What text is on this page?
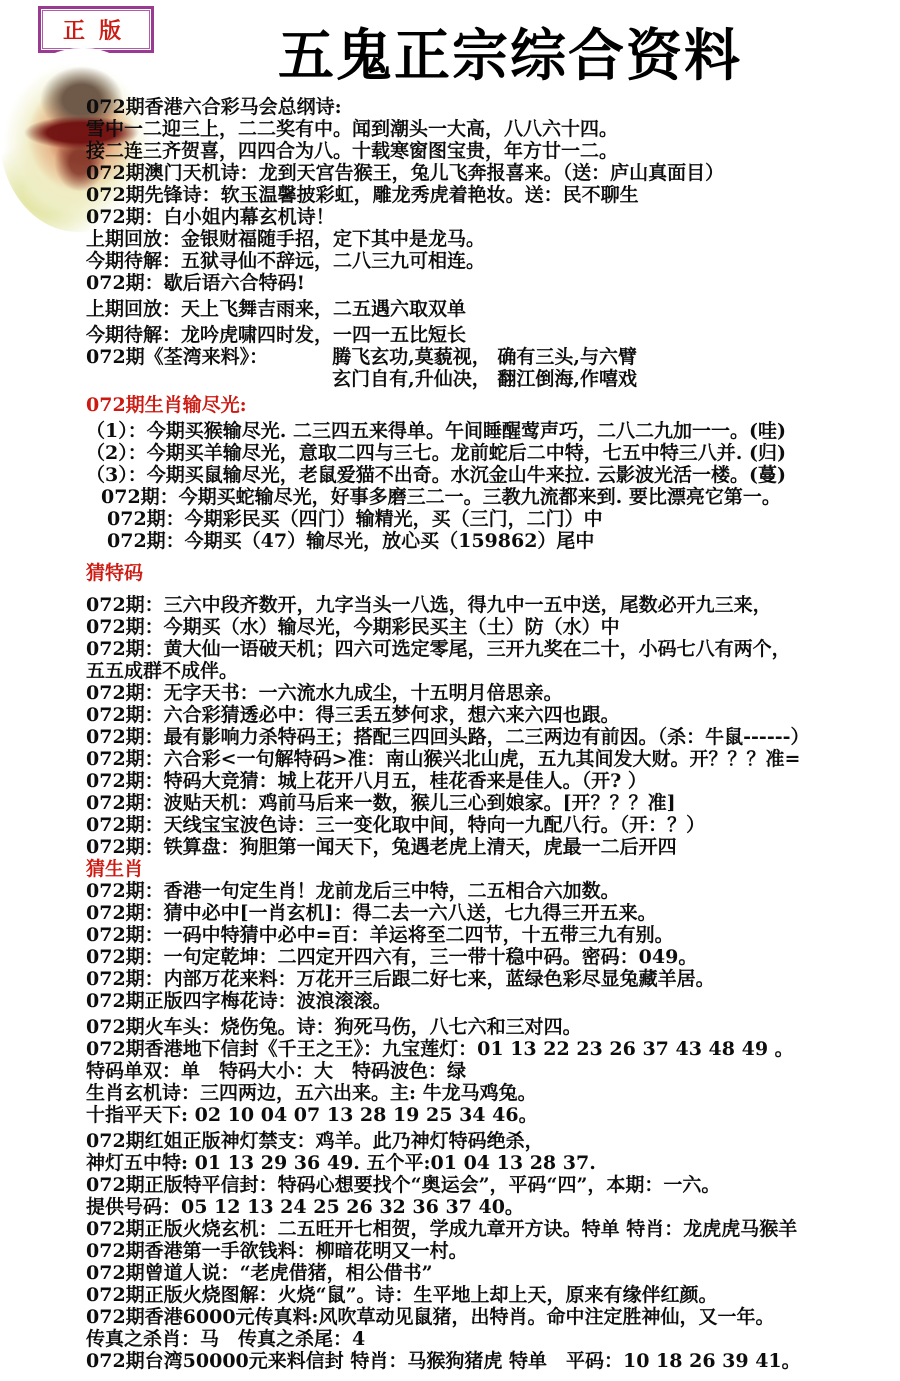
正版	五鬼正宗综合资料
072期香港六合彩马会总纲诗:
雪中一二迎三上，二二奖有中。闻到潮头一大高，八八六十四。
接二连三齐贺喜，四四合为八。十载寒窗图宝贵，年方廿一二。
072期澳门天机诗：龙到天宫告猴王，兔儿飞奔报喜来。（送：庐山真面目）
072期先锋诗：软玉温馨披彩虹，雕龙秀虎着艳妆。送：民不聊生
072期：白小姐内幕玄机诗！
上期回放：金银财福随手招，定下其中是龙马。
今期待解：五狱寻仙不辞远，二八三九可相连。
072期：歇后语六合特码!
上期回放：天上飞舞吉雨来，二五遇六取双单
今期待解：龙吟虎啸四时发，一四一五比短长
072期《荃湾来料》：	腾飞玄功,莫藐视， 确有三头,与六臂
玄门自有,升仙决， 翻江倒海,作嘻戏
072期生肖输尽光:
（1）：今期买猴输尽光. 二三四五来得单。午间睡醒莺声巧，二八二九加一一。(哇)
（2）：今期买羊输尽光，意取二四与三七。龙前蛇后二中特，七五中特三八并. (归)
（3）：今期买鼠输尽光，老鼠爱猫不出奇。水沉金山牛来拉. 云影波光活一楼。(蔓)
072期：今期买蛇输尽光，好事多磨三二一。三教九流都来到. 要比漂亮它第一。
072期：今期彩民买（四门）输精光，买（三门，二门）中
072期：今期买（47）输尽光，放心买（159862）尾中
猜特码
072期：三六中段齐数开，九字当头一八选，得九中一五中送，尾数必开九三来，
072期：今期买（水）输尽光，今期彩民买主（土）防（水）中
072期：黄大仙一语破天机；四六可选定零尾，三开九奖在二十，小码七八有两个，
五五成群不成伴。
072期：无字天书：一六流水九成尘，十五明月倍思亲。
072期：六合彩猜透必中：得三丢五梦何求，想六来六四也跟。
072期：最有影响力杀特码王；搭配三四回头路，二三两边有前因。（杀：牛鼠------）
072期：六合彩<一句解特码>准：南山猴兴北山虎，五九其间发大财。开？？？准=
072期：特码大竞猜：城上花开八月五，桂花香来是佳人。（开? ）
072期：波贴天机：鸡前马后来一数，猴儿三心到娘家。[开？？？准]
072期：天线宝宝波色诗：三一变化取中间，特向一九配八行。（开：？）
072期：铁算盘：狗胆第一闻天下，兔遇老虎上清天，虎最一二后开四
猜生肖
072期：香港一句定生肖！龙前龙后三中特，二五相合六加数。
072期：猜中必中[一肖玄机]：得二去一六八送，七九得三开五来。
072期：一码中特猜中必中=百：羊运将至二四节，十五带三九有别。
072期：一句定乾坤：二四定开四六有，三一带十稳中码。密码：049。
072期：内部万花来料：万花开三后跟二好七来，蓝绿色彩尽显兔藏羊居。
072期正版四字梅花诗：波浪滚滚。
072期火车头：烧伤兔。诗：狗死马伤，八七六和三对四。
072期香港地下信封《千王之王》：九宝莲灯：01 13 22 23 26 37 43 48 49 。
特码单双：单　特码大小：大　特码波色：绿
生肖玄机诗：三四两边，五六出来。主: 牛龙马鸡兔。
十指平天下: 02 10 04 07 13 28 19 25 34 46。
072期红姐正版神灯禁支：鸡羊。此乃神灯特码绝杀，
神灯五中特: 01 13 29 36 49. 五个平:01 04 13 28 37.
072期正版特平信封：特码心想要找个“奥运会”，平码“四”，本期：一六。
提供号码：05 12 13 24 25 26 32 36 37 40。
072期正版火烧玄机：二五旺开七相贺，学成九章开方诀。特单 特肖：龙虎虎马猴羊
072期香港第一手欲钱料：柳暗花明又一村。
072期曾道人说：“老虎借猪，相公借书”
072期正版火烧图解：火烧“鼠”。诗：生平地上却上天，原来有缘伴红颜。
072期香港6000元传真料:风吹草动见鼠猪，出特肖。命中注定胜神仙，又一年。
传真之杀肖：马　传真之杀尾：4
072期台湾50000元来料信封 特肖：马猴狗猪虎 特单　平码：10 18 26 39 41。
